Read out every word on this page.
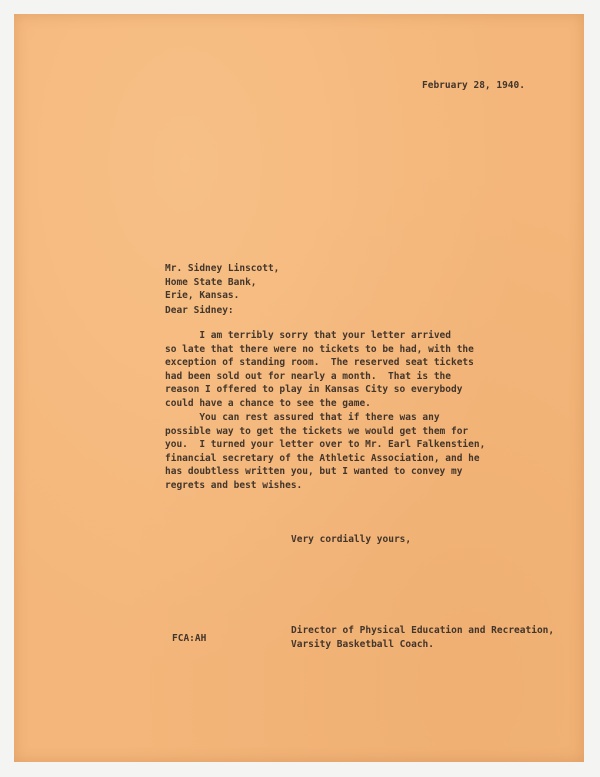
February 28, 1940.
Mr. Sidney Linscott,
Home State Bank,
Erie, Kansas.
Dear Sidney:
I am terribly sorry that your letter arrived
so late that there were no tickets to be had, with the
exception of standing room.  The reserved seat tickets
had been sold out for nearly a month.  That is the
reason I offered to play in Kansas City so everybody
could have a chance to see the game.
You can rest assured that if there was any
possible way to get the tickets we would get them for
you.  I turned your letter over to Mr. Earl Falkenstien,
financial secretary of the Athletic Association, and he
has doubtless written you, but I wanted to convey my
regrets and best wishes.
Very cordially yours,
FCA:AH
Director of Physical Education and Recreation,
Varsity Basketball Coach.
